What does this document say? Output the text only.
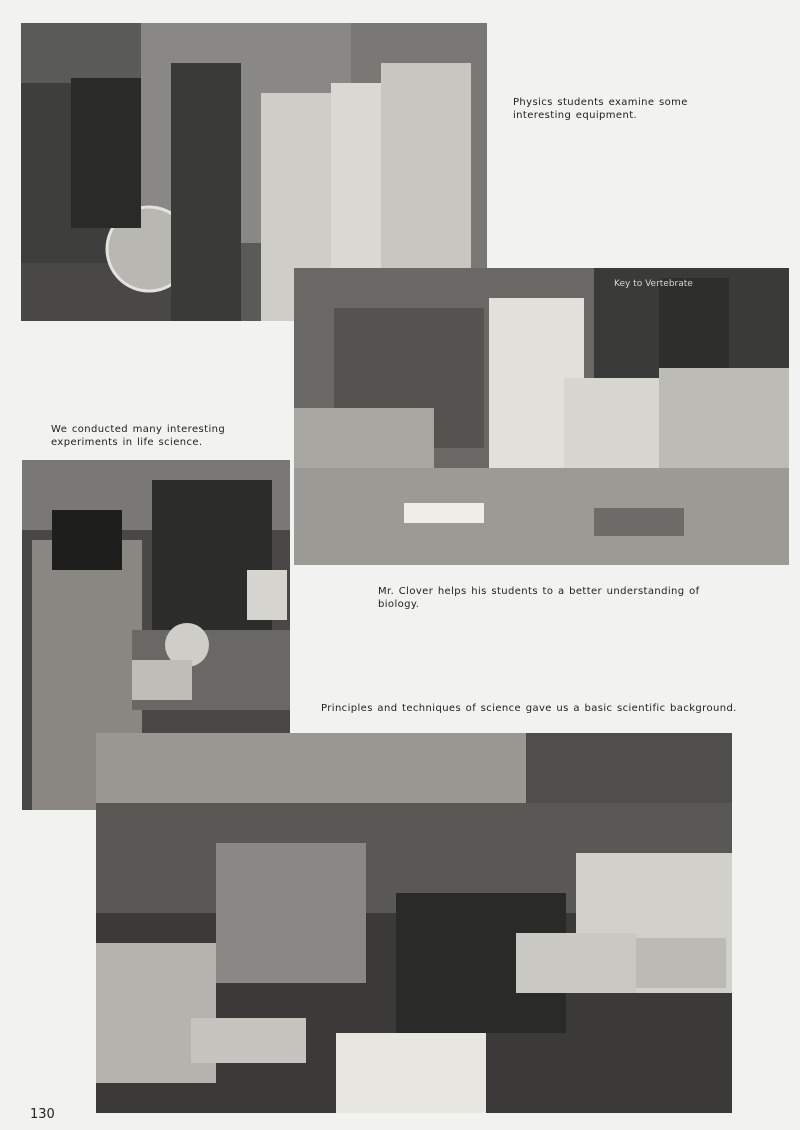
Physics students examine some interesting equipment.
Key to Vertebrate
We conducted many interesting experiments in life science.
Mr. Clover helps his students to a better understanding of biology.
Principles and techniques of science gave us a basic scientific background.
130
